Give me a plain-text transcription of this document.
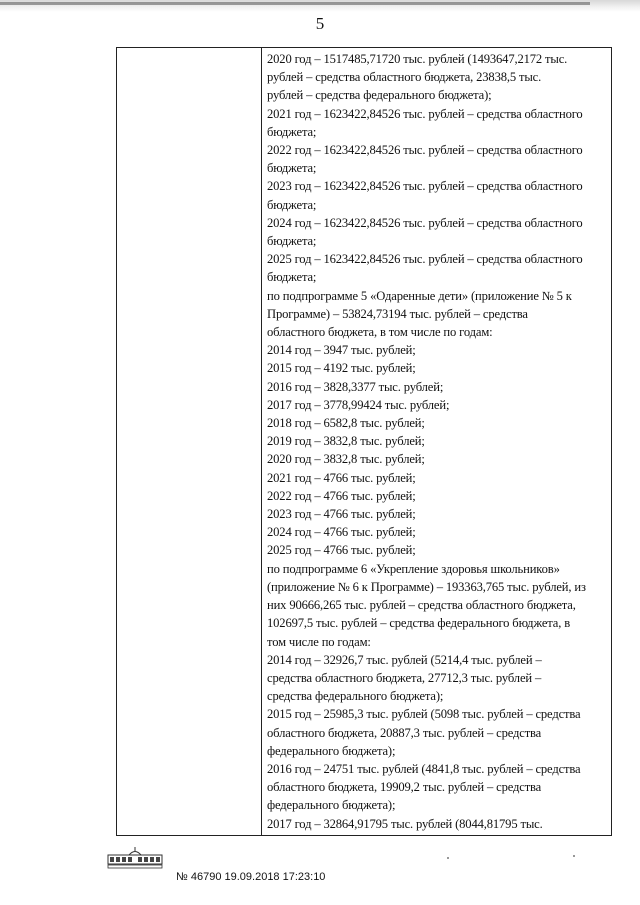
5
2020 год – 1517485,71720 тыс. рублей (1493647,2172 тыс.
рублей – средства областного бюджета, 23838,5 тыс.
рублей – средства федерального бюджета);
2021 год – 1623422,84526 тыс. рублей – средства областного
бюджета;
2022 год – 1623422,84526 тыс. рублей – средства областного
бюджета;
2023 год – 1623422,84526 тыс. рублей – средства областного
бюджета;
2024 год – 1623422,84526 тыс. рублей – средства областного
бюджета;
2025 год – 1623422,84526 тыс. рублей – средства областного
бюджета;
по подпрограмме 5 «Одаренные дети» (приложение № 5 к
Программе) – 53824,73194 тыс. рублей – средства
областного бюджета, в том числе по годам:
2014 год – 3947 тыс. рублей;
2015 год – 4192 тыс. рублей;
2016 год – 3828,3377 тыс. рублей;
2017 год – 3778,99424 тыс. рублей;
2018 год – 6582,8 тыс. рублей;
2019 год – 3832,8 тыс. рублей;
2020 год – 3832,8 тыс. рублей;
2021 год – 4766 тыс. рублей;
2022 год – 4766 тыс. рублей;
2023 год – 4766 тыс. рублей;
2024 год – 4766 тыс. рублей;
2025 год – 4766 тыс. рублей;
по подпрограмме 6 «Укрепление здоровья школьников»
(приложение № 6 к Программе) – 193363,765 тыс. рублей, из
них 90666,265 тыс. рублей – средства областного бюджета,
102697,5 тыс. рублей – средства федерального бюджета, в
том числе по годам:
2014 год – 32926,7 тыс. рублей (5214,4 тыс. рублей –
средства областного бюджета, 27712,3 тыс. рублей –
средства федерального бюджета);
2015 год – 25985,3 тыс. рублей (5098 тыс. рублей – средства
областного бюджета, 20887,3 тыс. рублей – средства
федерального бюджета);
2016 год – 24751 тыс. рублей (4841,8 тыс. рублей – средства
областного бюджета, 19909,2 тыс. рублей – средства
федерального бюджета);
2017 год – 32864,91795 тыс. рублей (8044,81795 тыс.
№ 46790 19.09.2018 17:23:10
